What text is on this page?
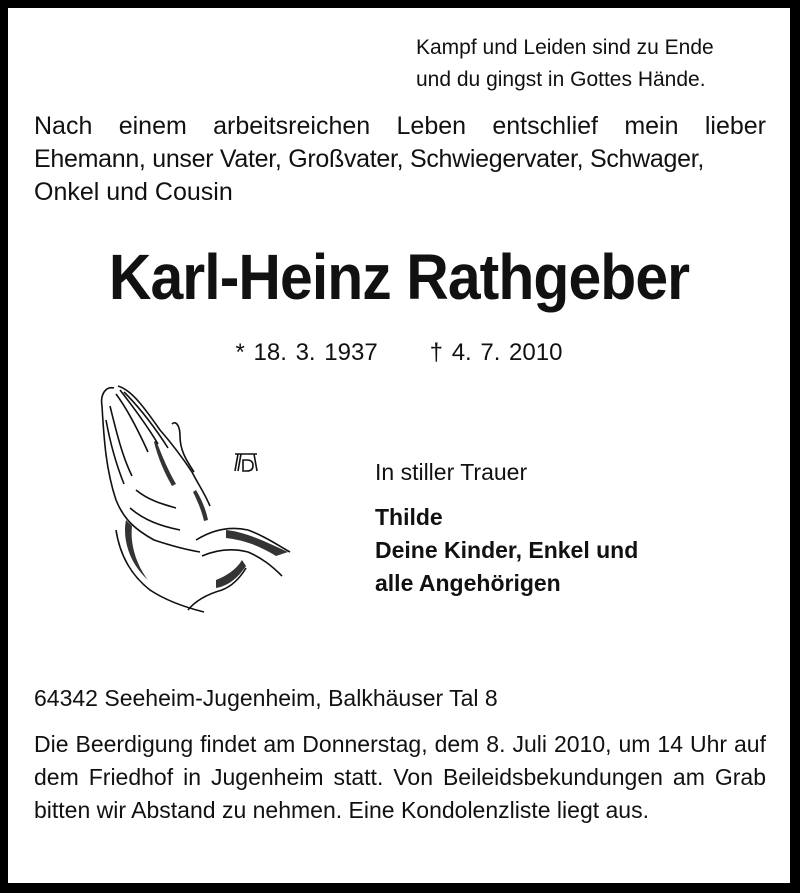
Kampf und Leiden sind zu Ende
und du gingst in Gottes Hände.
Nach einem arbeitsreichen Leben entschlief mein lieber
Ehemann, unser Vater, Großvater, Schwiegervater, Schwager,
Onkel und Cousin
Karl-Heinz Rathgeber
* 18. 3. 1937 † 4. 7. 2010
In stiller Trauer
Thilde
Deine Kinder, Enkel und
alle Angehörigen
64342 Seeheim-Jugenheim, Balkhäuser Tal 8
Die Beerdigung findet am Donnerstag, dem 8. Juli 2010, um 14 Uhr auf dem Friedhof in Jugenheim statt. Von Beileidsbekundungen am Grab bitten wir Abstand zu nehmen. Eine Kondolenzliste liegt aus.
